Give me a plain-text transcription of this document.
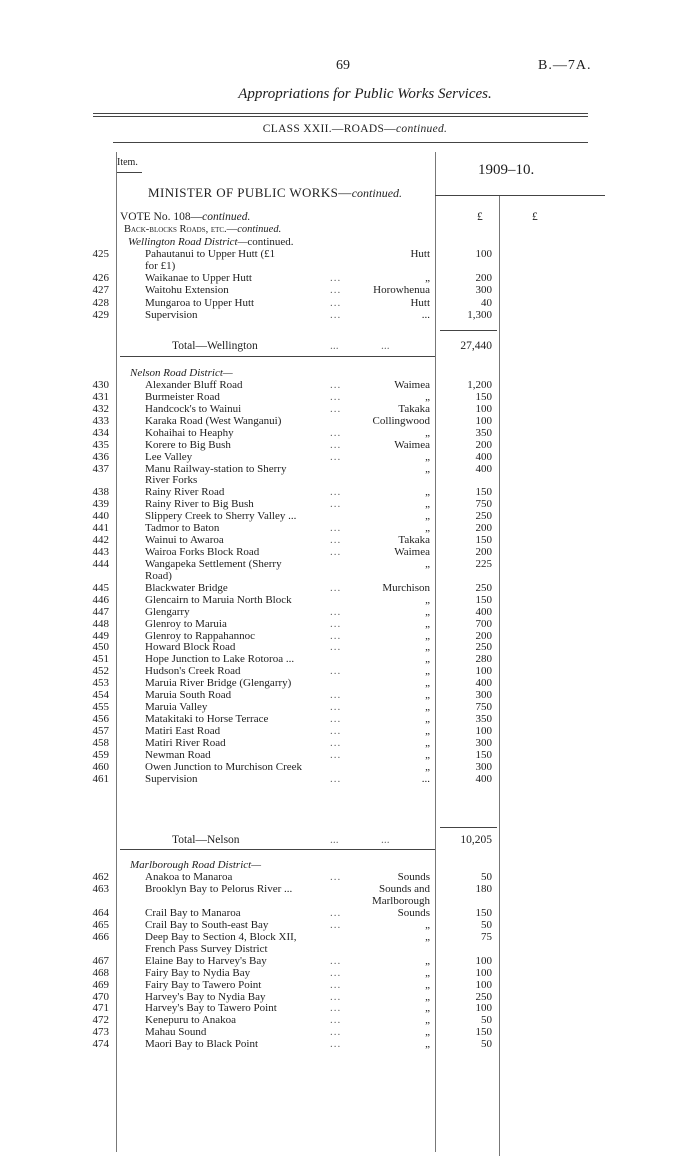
69	B.—7A.
Appropriations for Public Works Services.
CLASS XXII.—ROADS—continued.
Item.	1909–10.
MINISTER OF PUBLIC WORKS—continued.
VOTE No. 108—continued.	£	£
Back-blocks Roads, etc.—continued.
Wellington Road District—continued.
425	Pahautanui to Upper Hutt (£1	Hutt	100
for £1)
426	Waikanae to Upper Hutt	...	„	200
427	Waitohu Extension	...	Horowhenua	300
428	Mungaroa to Upper Hutt	...	Hutt	40
429	Supervision	...	...	1,300
Total—Wellington	...	...	27,440
Nelson Road District—
430	Alexander Bluff Road	...	Waimea	1,200
431	Burmeister Road	...	„	150
432	Handcock's to Wainui	...	Takaka	100
433	Karaka Road (West Wanganui)	Collingwood	100
434	Kohaihai to Heaphy	...	„	350
435	Korere to Big Bush	...	Waimea	200
436	Lee Valley	...	„	400
437	Manu Railway-station to Sherry	„	400
River Forks
438	Rainy River Road	...	„	150
439	Rainy River to Big Bush	...	„	750
440	Slippery Creek to Sherry Valley ...	„	250
441	Tadmor to Baton	...	„	200
442	Wainui to Awaroa	...	Takaka	150
443	Wairoa Forks Block Road	...	Waimea	200
444	Wangapeka Settlement (Sherry	„	225
Road)
445	Blackwater Bridge	...	Murchison	250
446	Glencairn to Maruia North Block	„	150
447	Glengarry	...	„	400
448	Glenroy to Maruia	...	„	700
449	Glenroy to Rappahannoc	...	„	200
450	Howard Block Road	...	„	250
451	Hope Junction to Lake Rotoroa ...	„	280
452	Hudson's Creek Road	...	„	100
453	Maruia River Bridge (Glengarry)	„	400
454	Maruia South Road	...	„	300
455	Maruia Valley	...	„	750
456	Matakitaki to Horse Terrace	...	„	350
457	Matiri East Road	...	„	100
458	Matiri River Road	...	„	300
459	Newman Road	...	„	150
460	Owen Junction to Murchison Creek	„	300
461	Supervision	...	...	400
Total—Nelson	...	...	10,205
Marlborough Road District—
462	Anakoa to Manaroa	...	Sounds	50
463	Brooklyn Bay to Pelorus River ...	Sounds and	180
Marlborough
464	Crail Bay to Manaroa	...	Sounds	150
465	Crail Bay to South-east Bay	...	„	50
466	Deep Bay to Section 4, Block XII,	„	75
French Pass Survey District
467	Elaine Bay to Harvey's Bay	...	„	100
468	Fairy Bay to Nydia Bay	...	„	100
469	Fairy Bay to Tawero Point	...	„	100
470	Harvey's Bay to Nydia Bay	...	„	250
471	Harvey's Bay to Tawero Point	...	„	100
472	Kenepuru to Anakoa	...	„	50
473	Mahau Sound	...	„	150
474	Maori Bay to Black Point	...	„	50
